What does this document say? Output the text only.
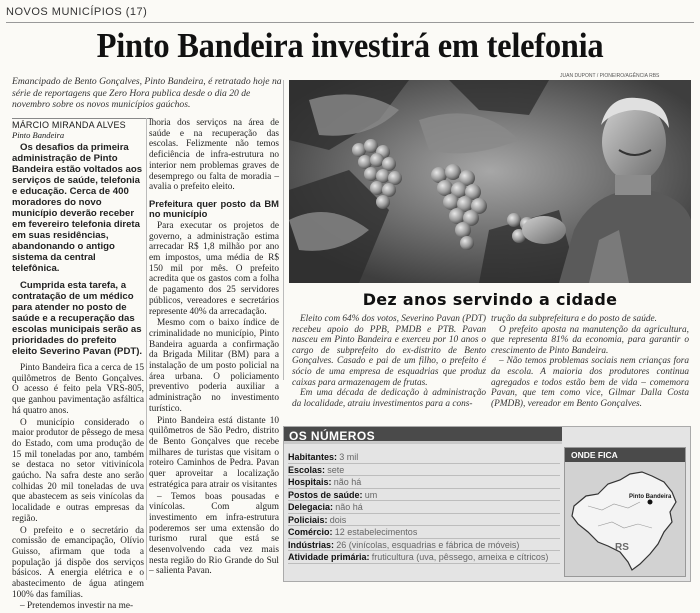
NOVOS MUNICÍPIOS (17)
Pinto Bandeira investirá em telefonia
Emancipado de Bento Gonçalves, Pinto Bandeira, é retratado hoje na série de reportagens que Zero Hora publica desde o dia 20 de novembro sobre os novos municípios gaúchos.
MÁRCIO MIRANDA ALVES
Pinto Bandeira

Os desafios da primeira administração de Pinto Bandeira estão voltados aos serviços de saúde, telefonia e educação. Cerca de 400 moradores do novo município deverão receber em fevereiro telefonia direta em suas residências, abandonando o antigo sistema da central telefônica.

Cumprida esta tarefa, a contratação de um médico para atender no posto de saúde e a recuperação das escolas municipais serão as prioridades do prefeito eleito Severino Pavan (PDT).

Pinto Bandeira fica a cerca de 15 quilômetros de Bento Gonçalves. O acesso é feito pela VRS-805, que ganhou pavimentação asfáltica há quatro anos.

O município considerado o maior produtor de pêssego de mesa do Estado, com uma produção de 15 mil toneladas por ano, também se destaca no setor vitivinícola gaúcho. Na safra deste ano serão colhidas 20 mil toneladas de uva que abastecem as seis vinícolas da localidade e outras empresas da região.

O prefeito e o secretário da comissão de emancipação, Olívio Guisso, afirmam que toda a população já dispõe dos serviços básicos. A energia elétrica e o abastecimento de água atingem 100% das famílias.

– Pretendemos investir na me-

lhoria dos serviços na área de saúde e na recuperação das escolas. Felizmente não temos deficiência de infra-estrutura no interior nem problemas graves de desemprego ou falta de moradia – avalia o prefeito eleito.

Prefeitura quer posto da BM no município

Para executar os projetos de governo, a administração estima arrecadar R$ 1,8 milhão por ano em impostos, uma média de R$ 150 mil por mês. O prefeito acredita que os gastos com a folha de pagamento dos 25 servidores públicos, vereadores e secretários represente 40% da arrecadação.

Mesmo com o baixo índice de criminalidade no município, Pinto Bandeira aguarda a confirmação da Brigada Militar (BM) para a instalação de um posto policial na área urbana. O policiamento preventivo poderia auxiliar a administração no investimento turístico.

Pinto Bandeira está distante 10 quilômetros de São Pedro, distrito de Bento Gonçalves que recebe milhares de turistas que visitam o roteiro Caminhos de Pedra. Pavan quer aproveitar a localização estratégica para atrair os visitantes

– Temos boas pousadas e vinícolas. Com algum investimento em infra-estrutura poderemos ser uma extensão do turismo rural que está se desenvolvendo cada vez mais nesta região do Rio Grande do Sul – salienta Pavan.

JUAN DUPONT / PIONEIRO/AGÊNCIA RBS
Dez anos servindo a cidade

Eleito com 64% dos votos, Severino Pavan (PDT) recebeu apoio do PPB, PMDB e PTB. Pavan nasceu em Pinto Bandeira e exerceu por 10 anos o cargo de subprefeito do ex-distrito de Bento Gonçalves. Casado e pai de um filho, o prefeito é sócio de uma empresa de esquadrias que produz caixas para armazenagem de frutas.

Em uma década de dedicação à administração da localidade, atraiu investimentos para a cons-

trução da subprefeitura e do posto de saúde.

O prefeito aposta na manutenção da agricultura, que representa 81% da economia, para garantir o crescimento de Pinto Bandeira.

– Não temos problemas sociais nem crianças fora da escola. A maioria dos produtores continua agregados e todos estão bem de vida – comemora Pavan, que tem como vice, Gilmar Dalla Costa (PMDB), vereador em Bento Gonçalves.

OS NÚMEROS
Habitantes: 3 mil
Escolas: sete
Hospitais: não há
Postos de saúde: um
Delegacia: não há
Policiais: dois
Comércio: 12 estabelecimentos
Indústrias: 26 (vinícolas, esquadrias e fábrica de móveis)
Atividade primária: fruticultura (uva, pêssego, ameixa e cítricos)
ONDE FICA
Pinto Bandeira
RS
